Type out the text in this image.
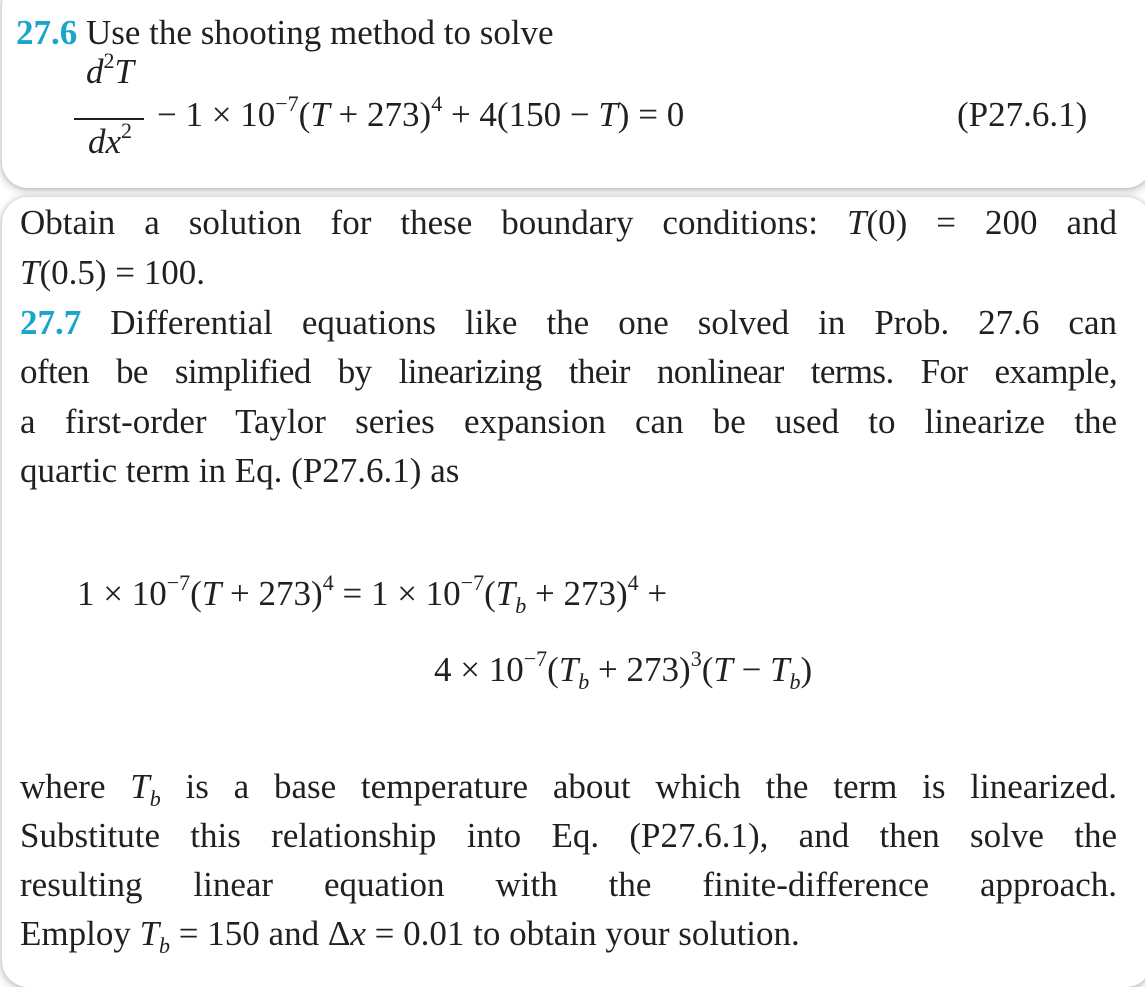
27.6 Use the shooting method to solve
$d^2T$
$dx^2 - 1 \times 10^{-7}(T + 273)^4 + 4(150 - T) = 0$	(P27.6.1)
Obtain a solution for these boundary conditions: T(0) = 200 and
T(0.5) = 100.
27.7 Differential equations like the one solved in Prob. 27.6 can
often be simplified by linearizing their nonlinear terms. For example,
a first-order Taylor series expansion can be used to linearize the
quartic term in Eq. (P27.6.1) as
$1 \times 10^{-7}(T + 273)^4 = 1 \times 10^{-7}(T_b + 273)^4$ +
$4 \times 10^{-7}(T_b + 273)^3(T - T_b)$
where $T_b$ is a base temperature about which the term is linearized.
Substitute this relationship into Eq. (P27.6.1), and then solve the
resulting linear equation with the finite-difference approach.
Employ $T_b = 150$ and Δx = 0.01 to obtain your solution.
